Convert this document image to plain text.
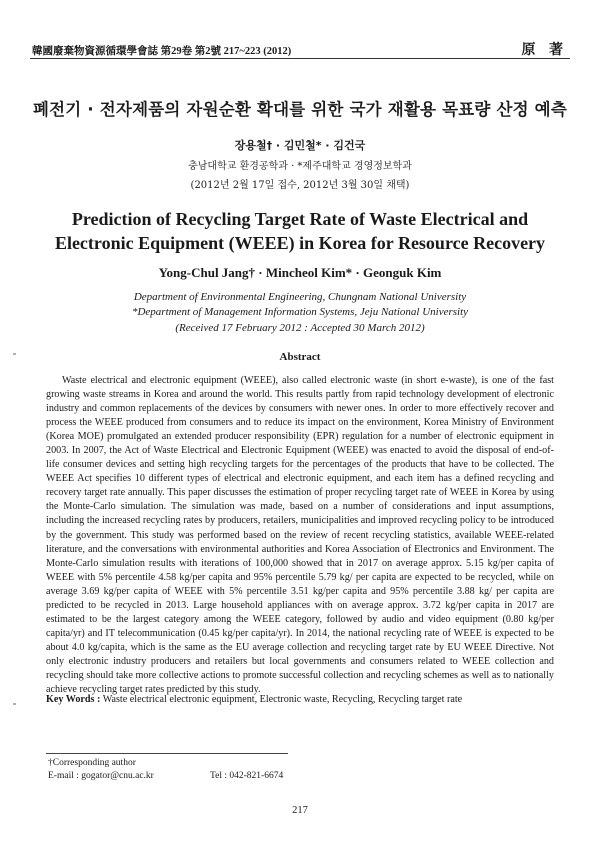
韓國廢棄物資源循環學會誌 第29卷 第2號 217~223 (2012)	原 著
폐전기 · 전자제품의 자원순환 확대를 위한 국가 재활용 목표량 산정 예측
장용철† · 김민철* · 김건국
충남대학교 환경공학과 · *제주대학교 경영정보학과
(2012년 2월 17일 접수, 2012년 3월 30일 채택)
Prediction of Recycling Target Rate of Waste Electrical and Electronic Equipment (WEEE) in Korea for Resource Recovery
Yong-Chul Jang† · Mincheol Kim* · Geonguk Kim
Department of Environmental Engineering, Chungnam National University
*Department of Management Information Systems, Jeju National University
(Received 17 February 2012 : Accepted 30 March 2012)
Abstract

Waste electrical and electronic equipment (WEEE), also called electronic waste (in short e-waste), is one of the fast growing waste streams in Korea and around the world. This results partly from rapid technology development of electronic industry and common replacements of the devices by consumers with newer ones. In order to more effectively recover and process the WEEE produced from consumers and to reduce its impact on the environment, Korea Ministry of Environment (Korea MOE) promulgated an extended producer responsibility (EPR) regulation for a number of electronic equipment in 2003. In 2007, the Act of Waste Electrical and Electronic Equipment (WEEE) was enacted to avoid the disposal of end-of-life consumer devices and setting high recycling targets for the percentages of the products that have to be collected. The WEEE Act specifies 10 different types of electrical and electronic equipment, and each item has a defined recycling and recovery target rate annually. This paper discusses the estimation of proper recycling target rate of WEEE in Korea by using the Monte-Carlo simulation. The simulation was made, based on a number of considerations and input assumptions, including the increased recycling rates by producers, retailers, municipalities and improved recycling policy to be introduced by the government. This study was performed based on the review of recent recycling statistics, available WEEE-related literature, and the conversations with environmental authorities and Korea Association of Electronics and Environment. The Monte-Carlo simulation results with iterations of 100,000 showed that in 2017 on average approx. 5.15 kg/per capita of WEEE with 5% percentile 4.58 kg/per capita and 95% percentile 5.79 kg/ per capita are expected to be recycled, while on average 3.69 kg/per capita of WEEE with 5% percentile 3.51 kg/per capita and 95% percentile 3.88 kg/ per capita are predicted to be recycled in 2013. Large household appliances with on average approx. 3.72 kg/per capita in 2017 are estimated to be the largest category among the WEEE category, followed by audio and video equipment (0.80 kg/per capita/yr) and IT telecommunication (0.45 kg/per capita/yr). In 2014, the national recycling rate of WEEE is expected to be about 4.0 kg/capita, which is the same as the EU average collection and recycling target rate by EU WEEE Directive. Not only electronic industry producers and retailers but local governments and consumers related to WEEE collection and recycling should take more collective actions to promote successful collection and recycling schemes as well as to nationally achieve recycling target rates predicted by this study.

Key Words : Waste electrical electronic equipment, Electronic waste, Recycling, Recycling target rate
†Corresponding author
E-mail : gogator@cnu.ac.kr	Tel : 042-821-6674
217
